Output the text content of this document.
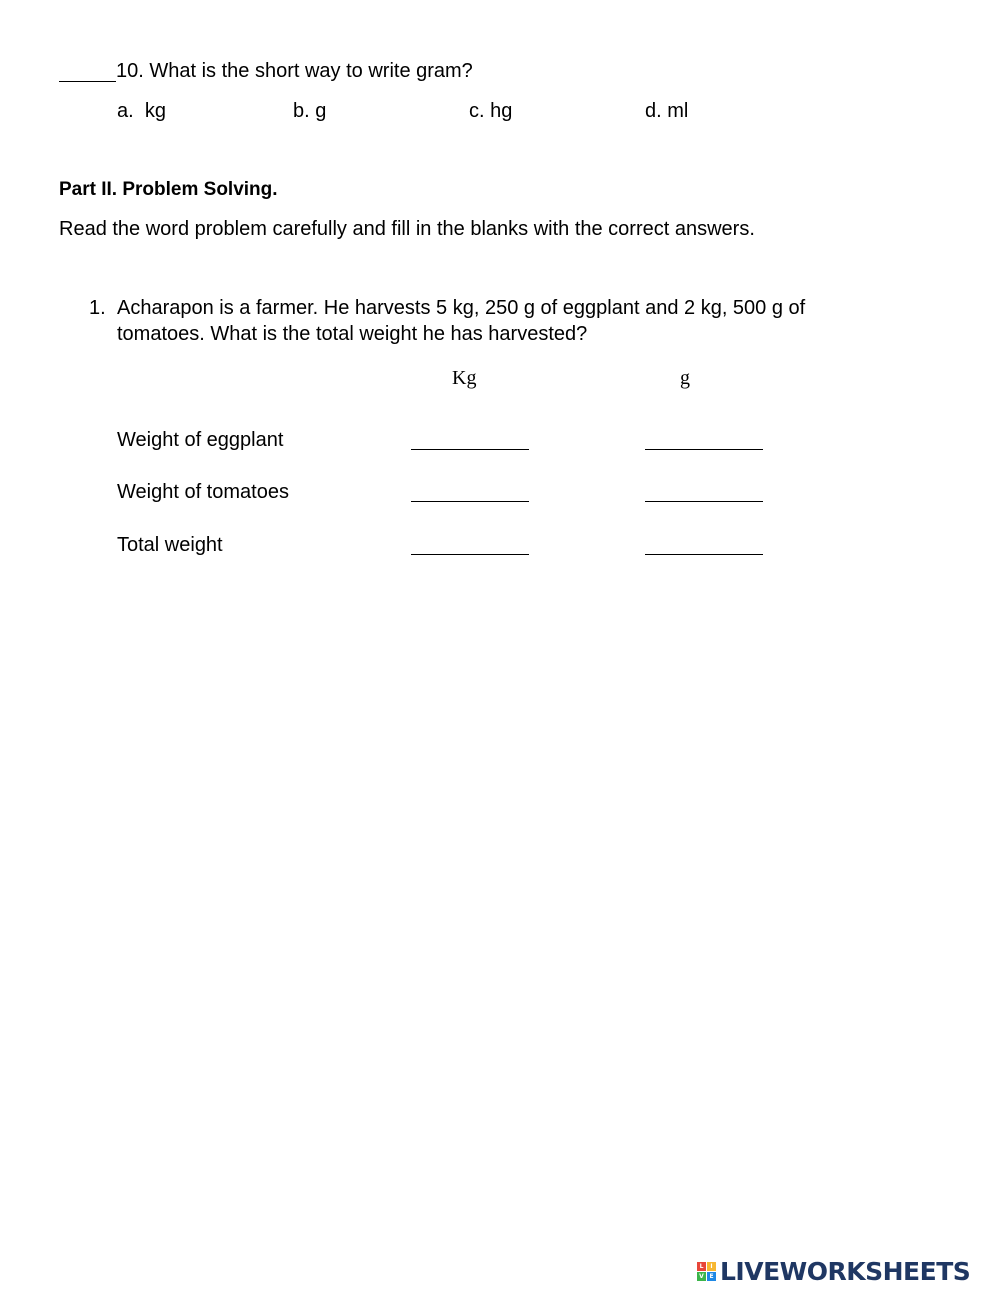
10. What is the short way to write gram?
a. kg	b. g	c. hg	d. ml
Part II. Problem Solving.
Read the word problem carefully and fill in the blanks with the correct answers.
1. Acharapon is a farmer. He harvests 5 kg, 250 g of eggplant and 2 kg, 500 g of
tomatoes. What is the total weight he has harvested?
Kg	g
Weight of eggplant
Weight of tomatoes
Total weight
L	I
V E LIVEWORKSHEETS
